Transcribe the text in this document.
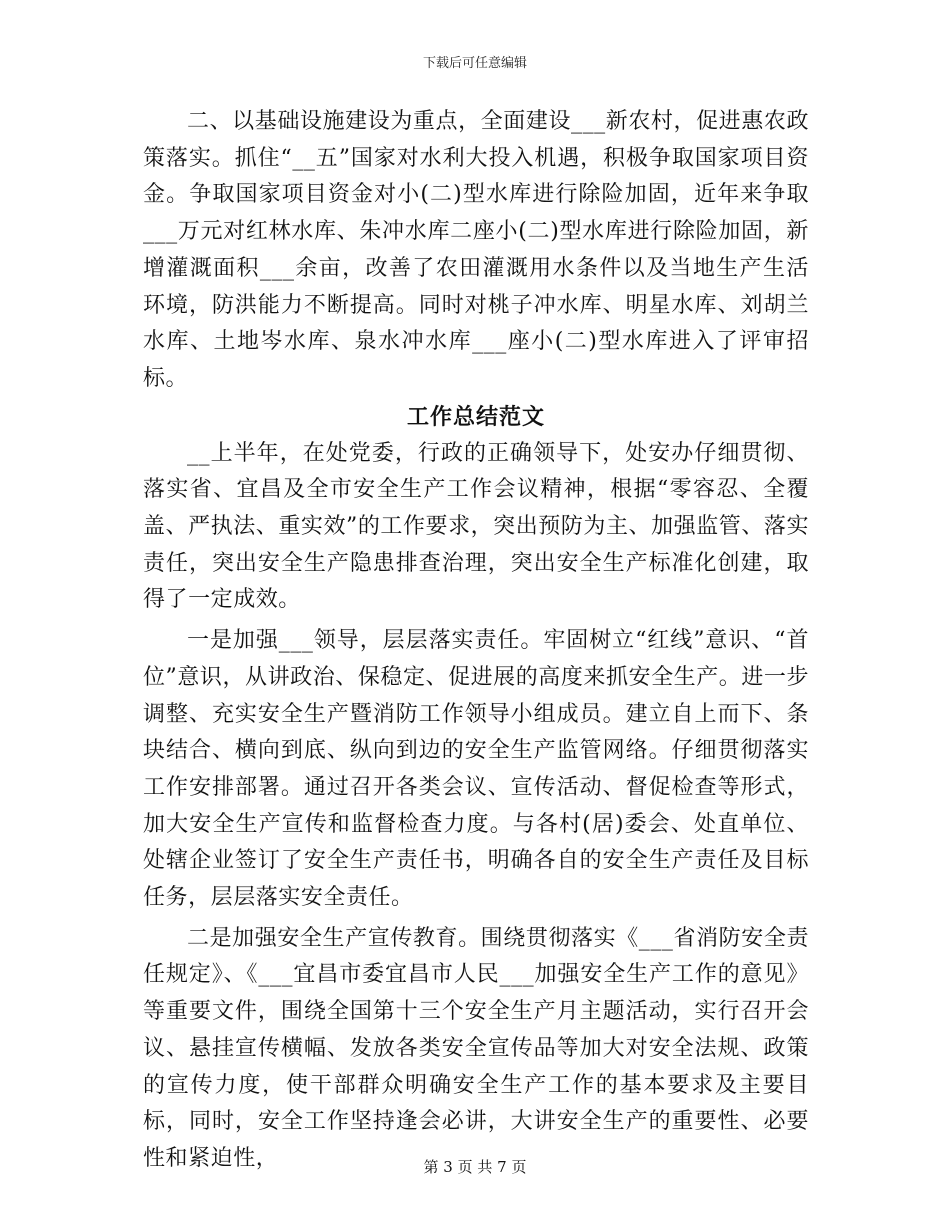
下载后可任意编辑

二、以基础设施建设为重点，全面建设___新农村，促进惠农政策落实。抓住“__五”国家对水利大投入机遇，积极争取国家项目资金。争取国家项目资金对小(二)型水库进行除险加固，近年来争取___万元对红林水库、朱冲水库二座小(二)型水库进行除险加固，新增灌溉面积___余亩，改善了农田灌溉用水条件以及当地生产生活环境，防洪能力不断提高。同时对桃子冲水库、明星水库、刘胡兰水库、土地岑水库、泉水冲水库___座小(二)型水库进入了评审招标。

工作总结范文

__上半年，在处党委，行政的正确领导下，处安办仔细贯彻、落实省、宜昌及全市安全生产工作会议精神，根据“零容忍、全覆盖、严执法、重实效”的工作要求，突出预防为主、加强监管、落实责任，突出安全生产隐患排查治理，突出安全生产标准化创建，取得了一定成效。

一是加强___领导，层层落实责任。牢固树立“红线”意识、“首位”意识，从讲政治、保稳定、促进展的高度来抓安全生产。进一步调整、充实安全生产暨消防工作领导小组成员。建立自上而下、条块结合、横向到底、纵向到边的安全生产监管网络。仔细贯彻落实工作安排部署。通过召开各类会议、宣传活动、督促检查等形式，加大安全生产宣传和监督检查力度。与各村(居)委会、处直单位、处辖企业签订了安全生产责任书，明确各自的安全生产责任及目标任务，层层落实安全责任。

二是加强安全生产宣传教育。围绕贯彻落实《___省消防安全责任规定》、《___宜昌市委宜昌市人民___加强安全生产工作的意见》等重要文件，围绕全国第十三个安全生产月主题活动，实行召开会议、悬挂宣传横幅、发放各类安全宣传品等加大对安全法规、政策的宣传力度，使干部群众明确安全生产工作的基本要求及主要目标，同时，安全工作坚持逢会必讲，大讲安全生产的重要性、必要性和紧迫性，	第 3 页 共 7 页
